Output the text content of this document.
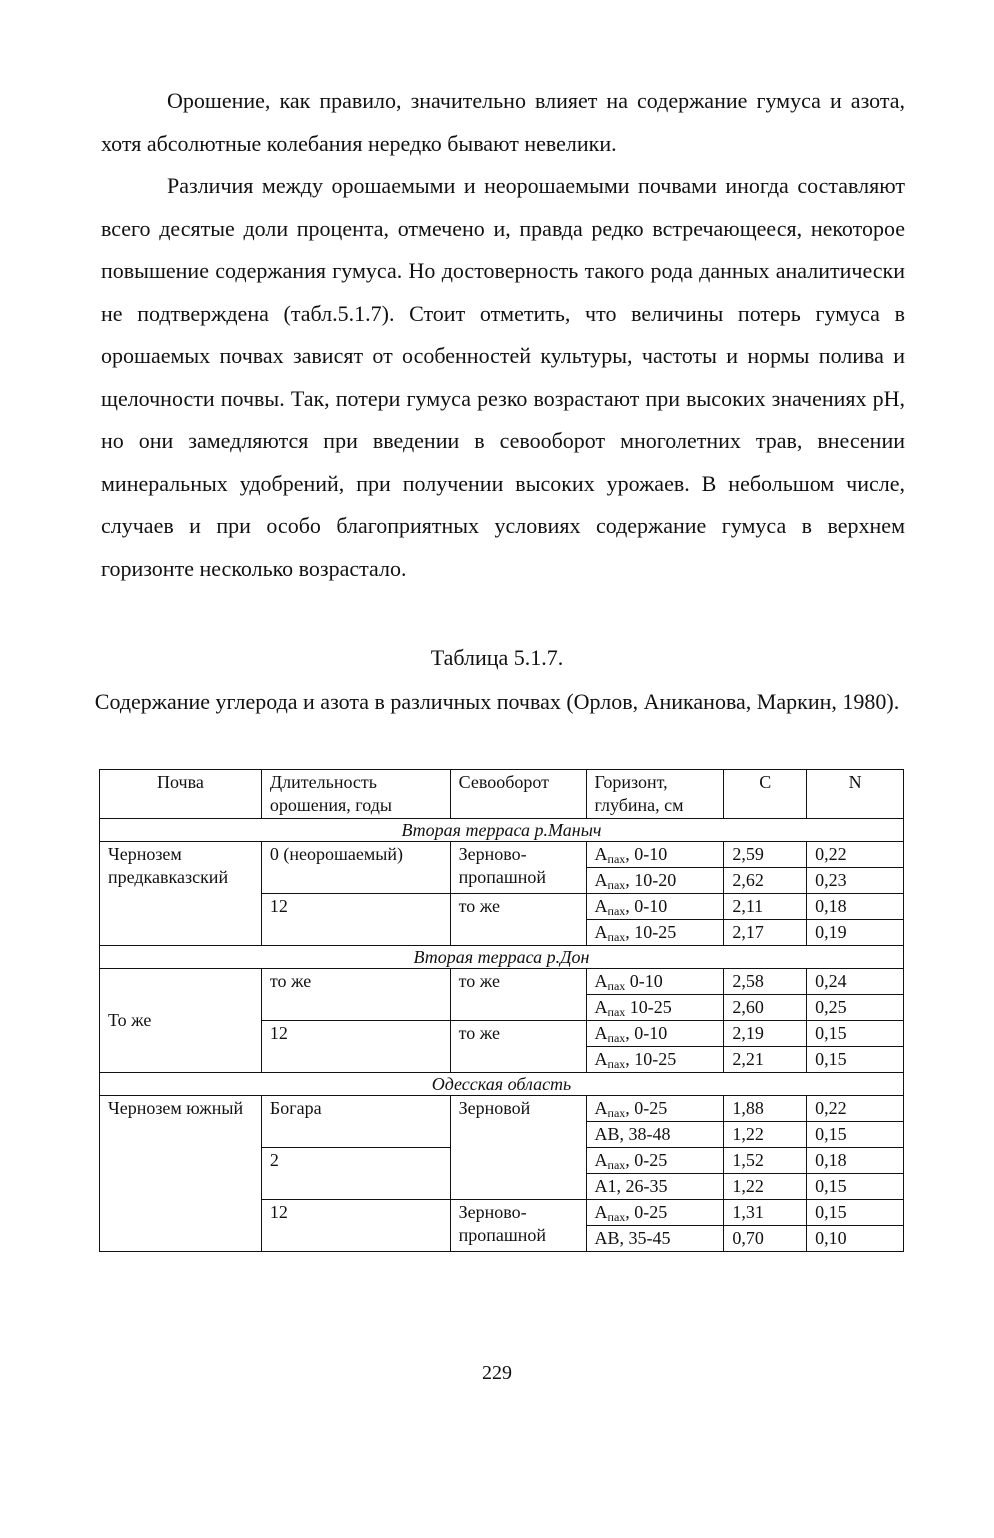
Орошение, как правило, значительно влияет на содержание гумуса и азота, хотя абсолютные колебания нередко бывают невелики.

Различия между орошаемыми и неорошаемыми почвами иногда составляют всего десятые доли процента, отмечено и, правда редко встречающееся, некоторое повышение содержания гумуса. Но достоверность такого рода данных аналитически не подтверждена (табл.5.1.7). Стоит отметить, что величины потерь гумуса в орошаемых почвах зависят от особенностей культуры, частоты и нормы полива и щелочности почвы. Так, потери гумуса резко возрастают при высоких значениях pH, но они замедляются при введении в севооборот многолетних трав, внесении минеральных удобрений, при получении высоких урожаев. В небольшом числе, случаев и при особо благоприятных условиях содержание гумуса в верхнем горизонте несколько возрастало.

Таблица 5.1.7.
Содержание углерода и азота в различных почвах (Орлов, Аниканова, Маркин, 1980).
Почва	Длительность орошения, годы	Севооборот	Горизонт, глубина, см	C	N
Вторая терраса р.Маныч					
Чернозем предкавказский	0 (неорошаемый)	Зерново-пропашной	$A_{пах}$, 0-10	2,59	0,22
			$A_{пах}$, 10-20	2,62	0,23
	12	то же	$A_{пах}$, 0-10	2,11	0,18
			$A_{пах}$, 10-25	2,17	0,19
Вторая терраса р.Дон					
То же	то же	то же	$A_{пах}$ 0-10	2,58	0,24
			$A_{пах}$ 10-25	2,60	0,25
	12	то же	$A_{пах}$, 0-10	2,19	0,15
			$A_{пах}$, 10-25	2,21	0,15
Одесская область					
Чернозем южный	Богара	Зерновой	$A_{пах}$, 0-25	1,88	0,22
			AB, 38-48	1,22	0,15
	2		$A_{пах}$, 0-25	1,52	0,18
			A1, 26-35	1,22	0,15
	12	Зерново-пропашной	$A_{пах}$, 0-25	1,31	0,15
			AB, 35-45	0,70	0,10
229
